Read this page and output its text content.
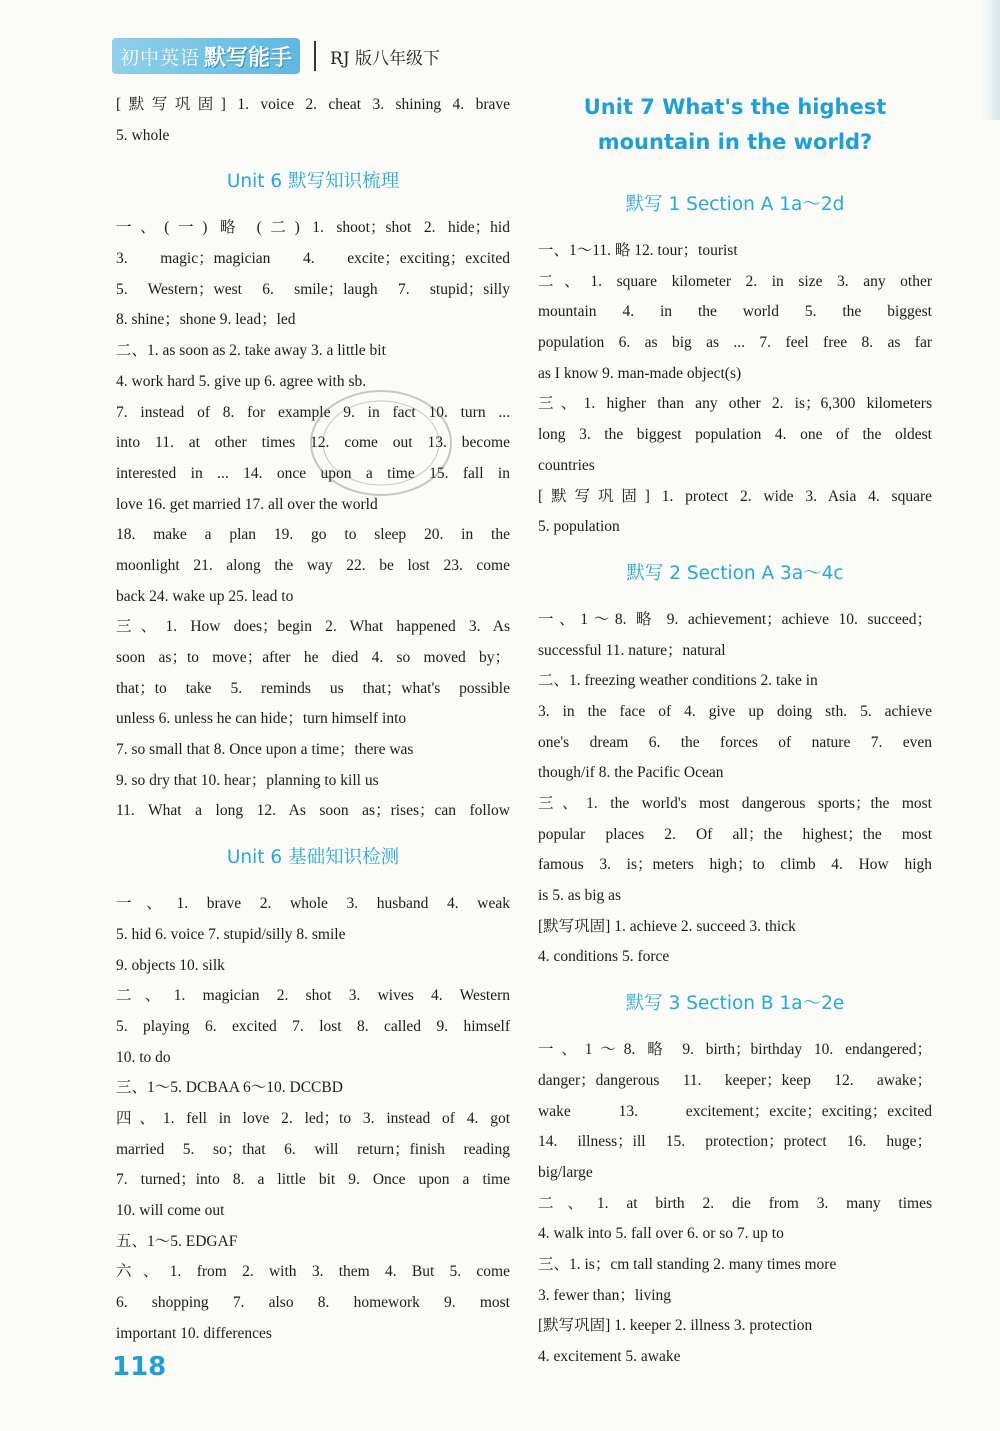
初中英语 默写能手 RJ 版八年级下
[默写巩固] 1. voice 2. cheat 3. shining 4. brave
5. whole
Unit 6 默写知识梳理
一、(一) 略 (二) 1. shoot；shot 2. hide；hid
3. magic；magician 4. excite；exciting；excited
5. Western；west 6. smile；laugh 7. stupid；silly
8. shine；shone 9. lead；led
二、1. as soon as 2. take away 3. a little bit
4. work hard 5. give up 6. agree with sb.
7. instead of 8. for example 9. in fact 10. turn ...
into 11. at other times 12. come out 13. become
interested in ... 14. once upon a time 15. fall in
love 16. get married 17. all over the world
18. make a plan 19. go to sleep 20. in the
moonlight 21. along the way 22. be lost 23. come
back 24. wake up 25. lead to
三、1. How does；begin 2. What happened 3. As
soon as；to move；after he died 4. so moved by；
that；to take 5. reminds us that；what's possible
unless 6. unless he can hide；turn himself into
7. so small that 8. Once upon a time；there was
9. so dry that 10. hear；planning to kill us
11. What a long 12. As soon as；rises；can follow
Unit 6 基础知识检测
一、1. brave 2. whole 3. husband 4. weak
5. hid 6. voice 7. stupid/silly 8. smile
9. objects 10. silk
二、1. magician 2. shot 3. wives 4. Western
5. playing 6. excited 7. lost 8. called 9. himself
10. to do
三、1～5. DCBAA 6～10. DCCBD
四、1. fell in love 2. led；to 3. instead of 4. got
married 5. so；that 6. will return；finish reading
7. turned；into 8. a little bit 9. Once upon a time
10. will come out
五、1～5. EDGAF
六、1. from 2. with 3. them 4. But 5. come
6. shopping 7. also 8. homework 9. most
important 10. differences
Unit 7 What's the highest
mountain in the world?
默写 1 Section A 1a～2d
一、1～11. 略 12. tour；tourist
二、1. square kilometer 2. in size 3. any other
mountain 4. in the world 5. the biggest
population 6. as big as ... 7. feel free 8. as far
as I know 9. man-made object(s)
三、1. higher than any other 2. is；6,300 kilometers
long 3. the biggest population 4. one of the oldest
countries
[默写巩固] 1. protect 2. wide 3. Asia 4. square
5. population
默写 2 Section A 3a～4c
一、1～8. 略 9. achievement；achieve 10. succeed；
successful 11. nature；natural
二、1. freezing weather conditions 2. take in
3. in the face of 4. give up doing sth. 5. achieve
one's dream 6. the forces of nature 7. even
though/if 8. the Pacific Ocean
三、1. the world's most dangerous sports；the most
popular places 2. Of all；the highest；the most
famous 3. is；meters high；to climb 4. How high
is 5. as big as
[默写巩固] 1. achieve 2. succeed 3. thick
4. conditions 5. force
默写 3 Section B 1a～2e
一、1～8. 略 9. birth；birthday 10. endangered；
danger；dangerous 11. keeper；keep 12. awake；
wake 13. excitement；excite；exciting；excited
14. illness；ill 15. protection；protect 16. huge；
big/large
二、1. at birth 2. die from 3. many times
4. walk into 5. fall over 6. or so 7. up to
三、1. is；cm tall standing 2. many times more
3. fewer than；living
[默写巩固] 1. keeper 2. illness 3. protection
4. excitement 5. awake
118
